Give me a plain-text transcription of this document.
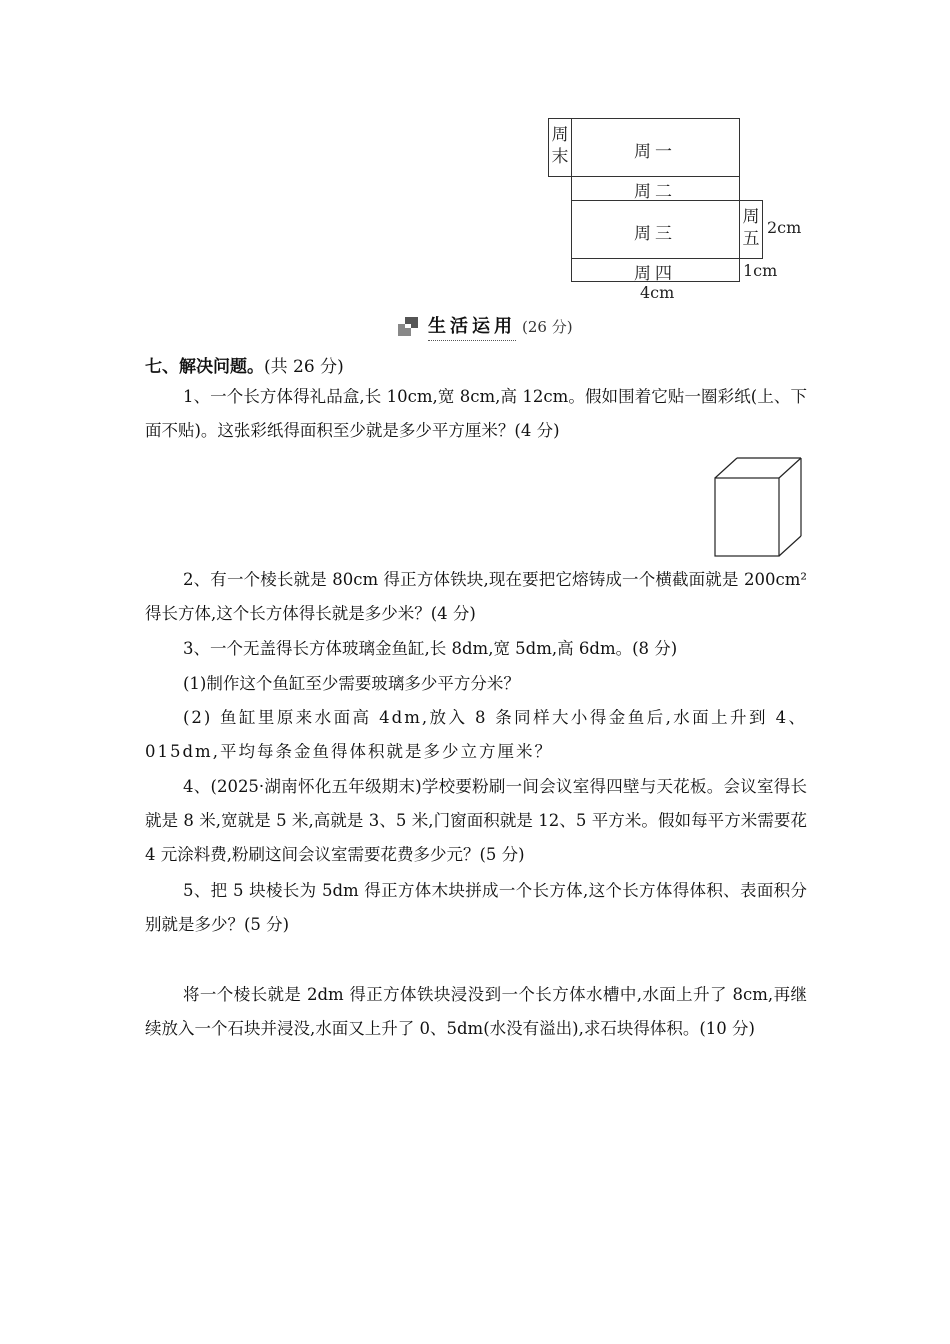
周末	周一
周二
周三
周五
周四
2cm
1cm
4cm
生活运用 (26 分)
七、解决问题。(共 26 分)

1、一个长方体得礼品盒,长 10cm,宽 8cm,高 12cm。假如围着它贴一圈彩纸(上、下面不贴)。这张彩纸得面积至少就是多少平方厘米？(4 分)

2、有一个棱长就是 80cm 得正方体铁块,现在要把它熔铸成一个横截面就是 200cm² 得长方体,这个长方体得长就是多少米？(4 分)

3、一个无盖得长方体玻璃金鱼缸,长 8dm,宽 5dm,高 6dm。(8 分)

(1)制作这个鱼缸至少需要玻璃多少平方分米？

(2) 鱼缸里原来水面高 4dm,放入 8 条同样大小得金鱼后,水面上升到 4、015dm,平均每条金鱼得体积就是多少立方厘米？

4、(2025·湖南怀化五年级期末)学校要粉刷一间会议室得四壁与天花板。会议室得长就是 8 米,宽就是 5 米,高就是 3、5 米,门窗面积就是 12、5 平方米。假如每平方米需要花 4 元涂料费,粉刷这间会议室需要花费多少元？(5 分)

5、把 5 块棱长为 5dm 得正方体木块拼成一个长方体,这个长方体得体积、表面积分别就是多少？(5 分)

将一个棱长就是 2dm 得正方体铁块浸没到一个长方体水槽中,水面上升了 8cm,再继续放入一个石块并浸没,水面又上升了 0、5dm(水没有溢出),求石块得体积。(10 分)
